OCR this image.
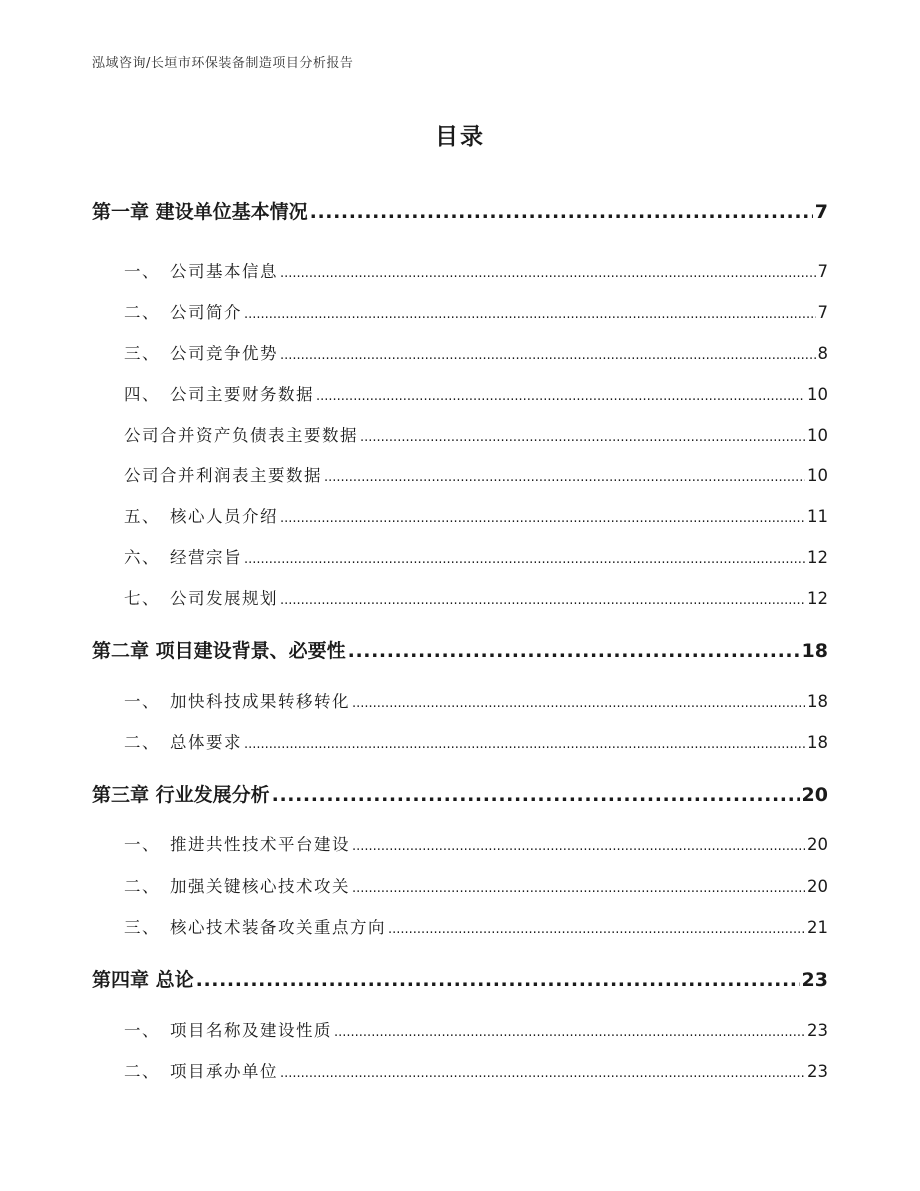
泓域咨询/长垣市环保装备制造项目分析报告
目录
第一章 建设单位基本情况 .....	7
一、 公司基本信息 .....	7
二、 公司简介 .....	7
三、 公司竞争优势 .....	8
四、 公司主要财务数据 .....	10
公司合并资产负债表主要数据 .....	10
公司合并利润表主要数据 .....	10
五、 核心人员介绍 .....	11
六、 经营宗旨 .....	12
七、 公司发展规划 .....	12
第二章 项目建设背景、必要性 .....	18
一、 加快科技成果转移转化 .....	18
二、 总体要求 .....	18
第三章 行业发展分析 .....	20
一、 推进共性技术平台建设 .....	20
二、 加强关键核心技术攻关 .....	20
三、 核心技术装备攻关重点方向 .....	21
第四章 总论 .....	23
一、 项目名称及建设性质 .....	23
二、 项目承办单位 .....	23
